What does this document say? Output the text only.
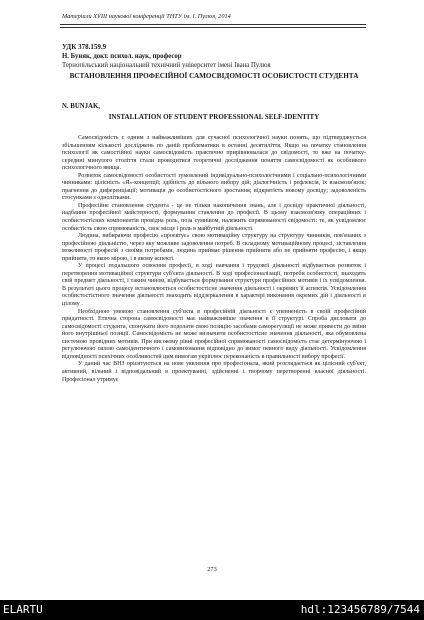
Матеріали XVIII наукової конференції ТНТУ ім. І. Пулюя, 2014
УДК 378.159.9
Н. Буняк, докт. психол. наук, професор
Тернопільський національний технічний університет імені Івана Пулюя
ВСТАНОВЛЕННЯ ПРОФЕСІЙНОЇ САМОСВІДОМОСТІ ОСОБИСТОСТІ СТУДЕНТА
N. BUNJAK,
INSTALLATION OF STUDENT PROFESSIONAL SELF-IDENTITY

Самосвідомість є одним з найважливіших для сучасної психологічної науки понять, що підтверджується збільшенням кількості досліджень по даній проблематики в останні десятиліття. Якщо на початку становлення психології як самостійної науки самосвідомість практично прирівнювалася до свідомості, то вже на початку-середині минулого століття стали проводитися теоретичні дослідження поняття самосвідомості як особливого психологічного явища.

Розвиток самосвідомості особистості зумовлений індивідуально-психологічними і соціально-психологічними чинниками: цілісність «Я»-концепції; здібність до вільного вибору дій; діалогічність і рефлексія, їх взаємозв'язок; прагнення до диференціації; мотивація до особистостісного зростання; відкритість новому досвіду; задоволеність стосунками з однолітками.

Професійне становлення студента - це не тільки накопичення знань, але і досвіду практичної діяльності, надбання професійної майстерності, формування ставлення до професії. В цьому взаємозв'язку операційних і особистостісних компонентів провідна роль, поза сумнівом, належить спрямованості свідомості: те, як усвідомлює особистість свою спрямованість, своє місце і роль в майбутній діяльності.

Людина, вибираючи професію «проектує» свою мотиваційну структуру на структуру чинників, пов'язаних з професійною діяльністю, через яку можливе задоволення потреб. В складному мотиваційному процесі, зіставлення можливості професій з своїми потребами, людина приймає рішення прийняти або не прийняти професію, і якщо прийняти, то якою мірою, і в якому аспекті.

У процесі подальшого освоєння професії, в ході навчання і трудової діяльності відбувається розвиток і перетворення мотиваційної структури суб'єкта діяльності. В ході професіоналізації, потреби особистості, знаходять свій предмет діяльності, і таким чином, відбувається формування структури професійних мотивів і їх усвідомлення. В результаті цього процесу встановлюється особистостісне значення діяльності і окремих її аспектів. Усвідомлення особистостістного значення діяльності знаходить віддзеркалення в характері виконання окремих дій і діяльності в цілому .

Необхідною умовою становлення суб'єкта в професійній діяльності є упевненість в своїй професійній придатності. Етична сторона самосвідомості має найважливіше значення в її структурі. Спроба дисловати до самосвідомості студента, спонукати його подолати свою позицію засобами саморегуляції не може привести до зміни його внутрішньої позиції. Самосвідомість не може визначити особистостісне значення діяльності, яка обумовлена системою провідних мотивів. При високому рівні професійної спрямованості самосвідомість стає детермінуючою і регулюючою силою самоідентичного і самовиховання відповідно до вимог певного виду діяльності. Усвідомлення відповідності психічних особливостей цим вимогам укріплює переконаність в правильності вибору професії.

У даний час ВНЗ орієнтуються на нове уявлення про професіонала, який розглядається як цілісний суб'єкт, активний, вільний і відповідальний в проектуванні, здійсненні і творчому перетворенні власної діяльності. Професіонал утримує

273
ELARTU	hdl:123456789/7544
